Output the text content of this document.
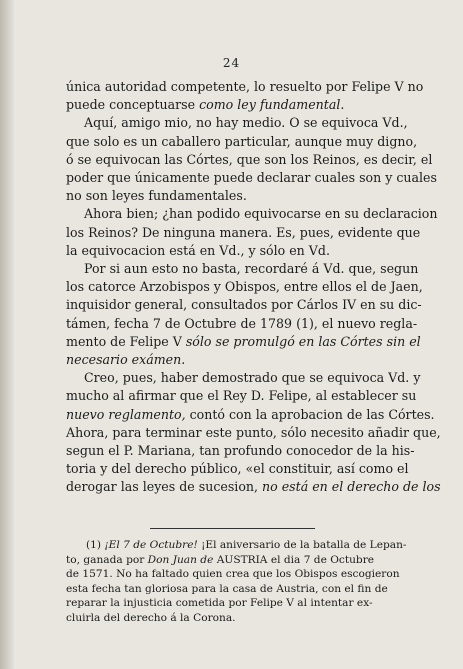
24
única autoridad competente, lo resuelto por Felipe V no
puede conceptuarse como ley fundamental.
Aquí, amigo mio, no hay medio. O se equivoca Vd.,
que solo es un caballero particular, aunque muy digno,
ó se equivocan las Córtes, que son los Reinos, es decir, el
poder que únicamente puede declarar cuales son y cuales
no son leyes fundamentales.
Ahora bien; ¿han podido equivocarse en su declaracion
los Reinos? De ninguna manera. Es, pues, evidente que
la equivocacion está en Vd., y sólo en Vd.
Por si aun esto no basta, recordaré á Vd. que, segun
los catorce Arzobispos y Obispos, entre ellos el de Jaen,
inquisidor general, consultados por Cárlos IV en su dic-
támen, fecha 7 de Octubre de 1789 (1), el nuevo regla-
mento de Felipe V sólo se promulgó en las Córtes sin el
necesario exámen.
Creo, pues, haber demostrado que se equivoca Vd. y
mucho al afirmar que el Rey D. Felipe, al establecer su
nuevo reglamento, contó con la aprobacion de las Córtes.
Ahora, para terminar este punto, sólo necesito añadir que,
segun el P. Mariana, tan profundo conocedor de la his-
toria y del derecho público, «el constituir, así como el
derogar las leyes de sucesion, no está en el derecho de los
(1) ¡El 7 de Octubre! ¡El aniversario de la batalla de Lepan-
to, ganada por Don Juan de AUSTRIA el dia 7 de Octubre
de 1571. No ha faltado quien crea que los Obispos escogieron
esta fecha tan gloriosa para la casa de Austria, con el fin de
reparar la injusticia cometida por Felipe V al intentar ex-
cluirla del derecho á la Corona.
